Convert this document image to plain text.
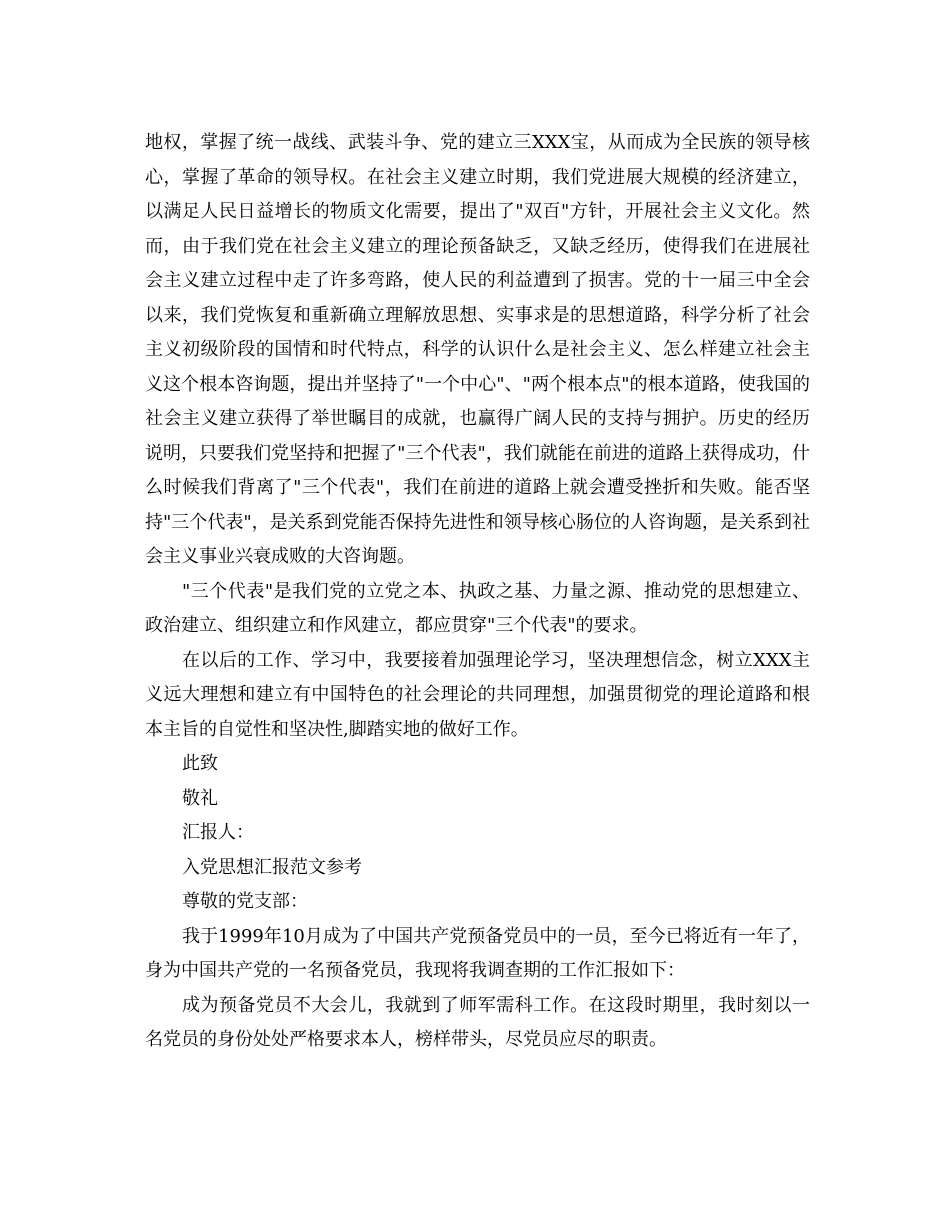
地权，掌握了统一战线、武装斗争、党的建立三XXX宝，从而成为全民族的领导核心，掌握了革命的领导权。在社会主义建立时期，我们党进展大规模的经济建立，以满足人民日益增长的物质文化需要，提出了"双百"方针，开展社会主义文化。然而，由于我们党在社会主义建立的理论预备缺乏，又缺乏经历，使得我们在进展社会主义建立过程中走了许多弯路，使人民的利益遭到了损害。党的十一届三中全会以来，我们党恢复和重新确立理解放思想、实事求是的思想道路，科学分析了社会主义初级阶段的国情和时代特点，科学的认识什么是社会主义、怎么样建立社会主义这个根本咨询题，提出并坚持了"一个中心"、"两个根本点"的根本道路，使我国的社会主义建立获得了举世瞩目的成就，也赢得广阔人民的支持与拥护。历史的经历说明，只要我们党坚持和把握了"三个代表"，我们就能在前进的道路上获得成功，什么时候我们背离了"三个代表"，我们在前进的道路上就会遭受挫折和失败。能否坚持"三个代表"，是关系到党能否保持先进性和领导核心肠位的人咨询题，是关系到社会主义事业兴衰成败的大咨询题。

"三个代表"是我们党的立党之本、执政之基、力量之源、推动党的思想建立、政治建立、组织建立和作风建立，都应贯穿"三个代表"的要求。

在以后的工作、学习中，我要接着加强理论学习，坚决理想信念，树立XXX主义远大理想和建立有中国特色的社会理论的共同理想，加强贯彻党的理论道路和根本主旨的自觉性和坚决性,脚踏实地的做好工作。

此致

敬礼

汇报人：

入党思想汇报范文参考

尊敬的党支部：

我于1999年10月成为了中国共产党预备党员中的一员，至今已将近有一年了，身为中国共产党的一名预备党员，我现将我调查期的工作汇报如下：

成为预备党员不大会儿，我就到了师军需科工作。在这段时期里，我时刻以一名党员的身份处处严格要求本人，榜样带头，尽党员应尽的职责。
